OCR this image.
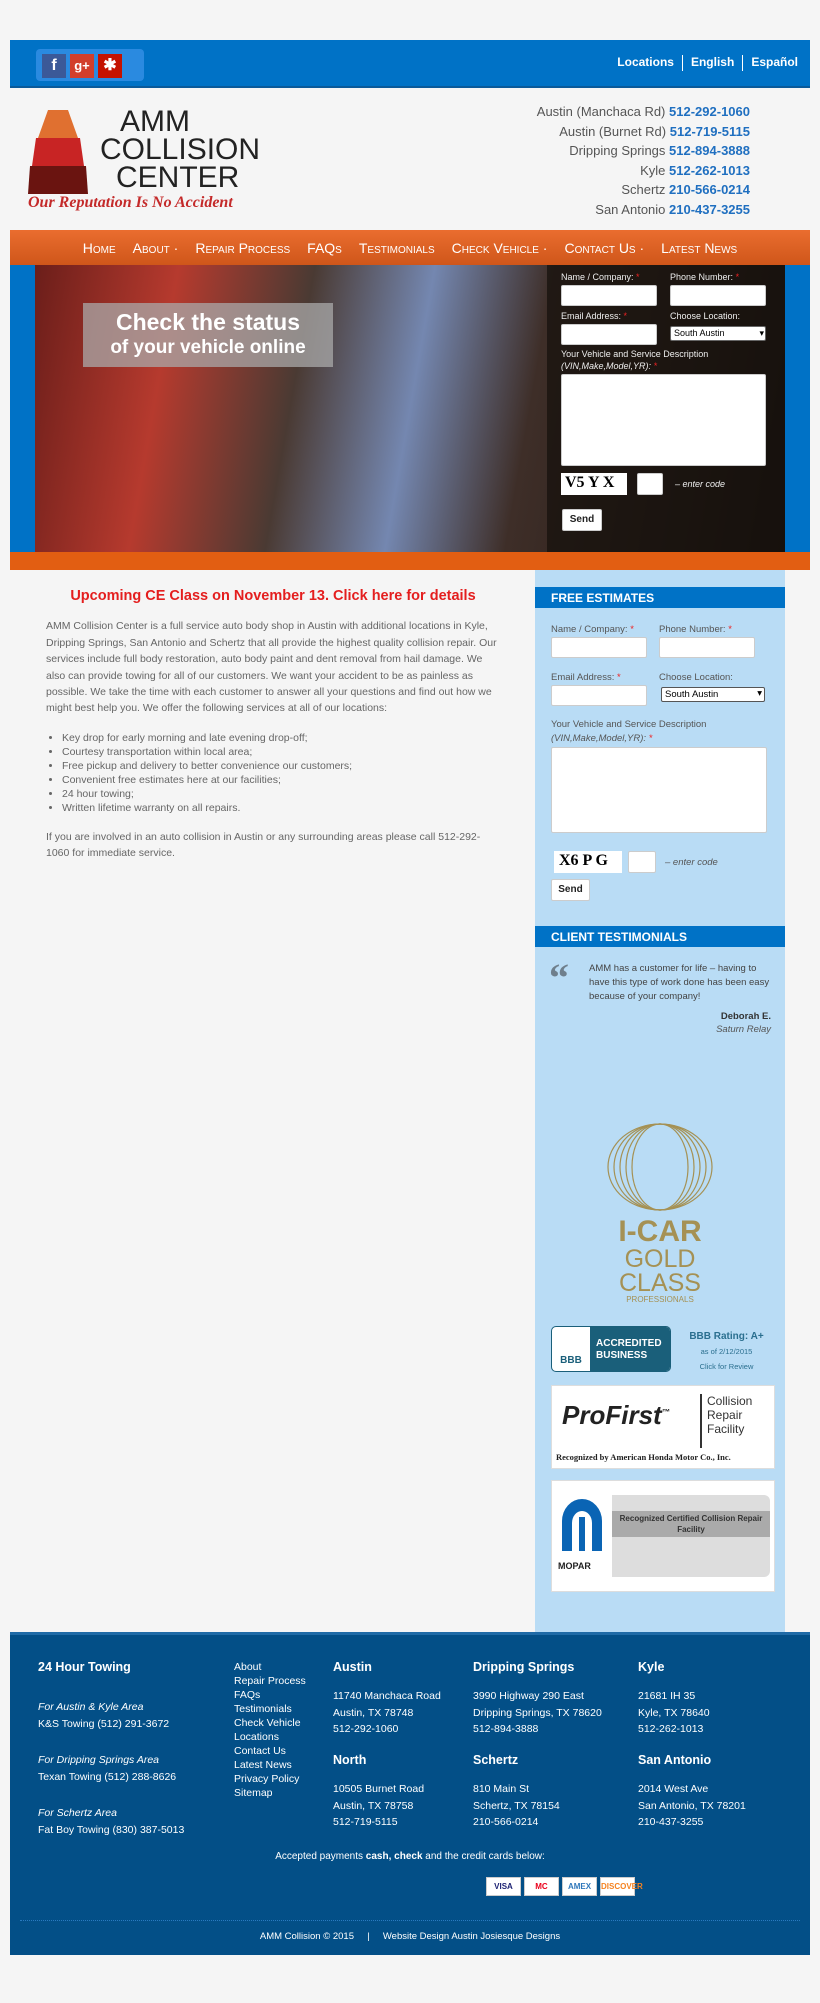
f	g+ ✱	Locations English Español
AMM
COLLISION
CENTER
Our Reputation Is No Accident
Austin (Manchaca Rd) 512-292-1060
Austin (Burnet Rd) 512-719-5115
Dripping Springs 512-894-3888
Kyle 512-262-1013
Schertz 210-566-0214
San Antonio 210-437-3255
Home About · Repair Process FAQs Testimonials Check Vehicle · Contact Us · Latest News
Check the status
of your vehicle online
Name / Company: *	Phone Number: *
Email Address: *	Choose Location:
South Austin	▾
Your Vehicle and Service Description
(VIN,Make,Model,YR): *
V5 Y X	– enter code
Send
Upcoming CE Class on November 13. Click here for details

AMM Collision Center is a full service auto body shop in Austin with additional locations in Kyle, Dripping Springs, San Antonio and Schertz that all provide the highest quality collision repair. Our services include full body restoration, auto body paint and dent removal from hail damage. We also can provide towing for all of our customers. We want your accident to be as painless as possible. We take the time with each customer to answer all your questions and find out how we might best help you. We offer the following services at all of our locations:

• Key drop for early morning and late evening drop-off;
• Courtesy transportation within local area;
• Free pickup and delivery to better convenience our customers;
• Convenient free estimates here at our facilities;
• 24 hour towing;
• Written lifetime warranty on all repairs.

If you are involved in an auto collision in Austin or any surrounding areas please call 512-292-1060 for immediate service.

FREE ESTIMATES
Name / Company: *	Phone Number: *
Email Address: *	Choose Location:
South Austin	▾
Your Vehicle and Service Description
(VIN,Make,Model,YR): *
X6 P G	– enter code
Send
CLIENT TESTIMONIALS
“	AMM has a customer for life – having to have this type of work done has been easy because of your company!
Deborah E.
Saturn Relay
I-CAR
GOLD
CLASS
PROFESSIONALS
BBB
ACCREDITED
BUSINESS
BBB Rating: A+
as of 2/12/2015
Click for Review
ProFirst™
Collision
Repair
Facility
Recognized by American Honda Motor Co., Inc.
MOPAR
Recognized Certified Collision Repair Facility
24 Hour Towing
For Austin & Kyle Area
K&S Towing (512) 291-3672
For Dripping Springs Area
Texan Towing (512) 288-8626
For Schertz Area
Fat Boy Towing (830) 387-5013
About
Repair Process
FAQs
Testimonials
Check Vehicle
Locations
Contact Us
Latest News
Privacy Policy
Sitemap
Accepted payments cash, check and the credit cards below:
VISA	MC	AMEX	DISCOVER
AMM Collision © 2015 | Website Design Austin Josiesque Designs
Austin
11740 Manchaca Road
Austin, TX 78748
512-292-1060
Dripping Springs
3990 Highway 290 East
Dripping Springs, TX 78620
512-894-3888
Kyle
21681 IH 35
Kyle, TX 78640
512-262-1013
North
10505 Burnet Road
Austin, TX 78758
512-719-5115
Schertz
810 Main St
Schertz, TX 78154
210-566-0214
San Antonio
2014 West Ave
San Antonio, TX 78201
210-437-3255
